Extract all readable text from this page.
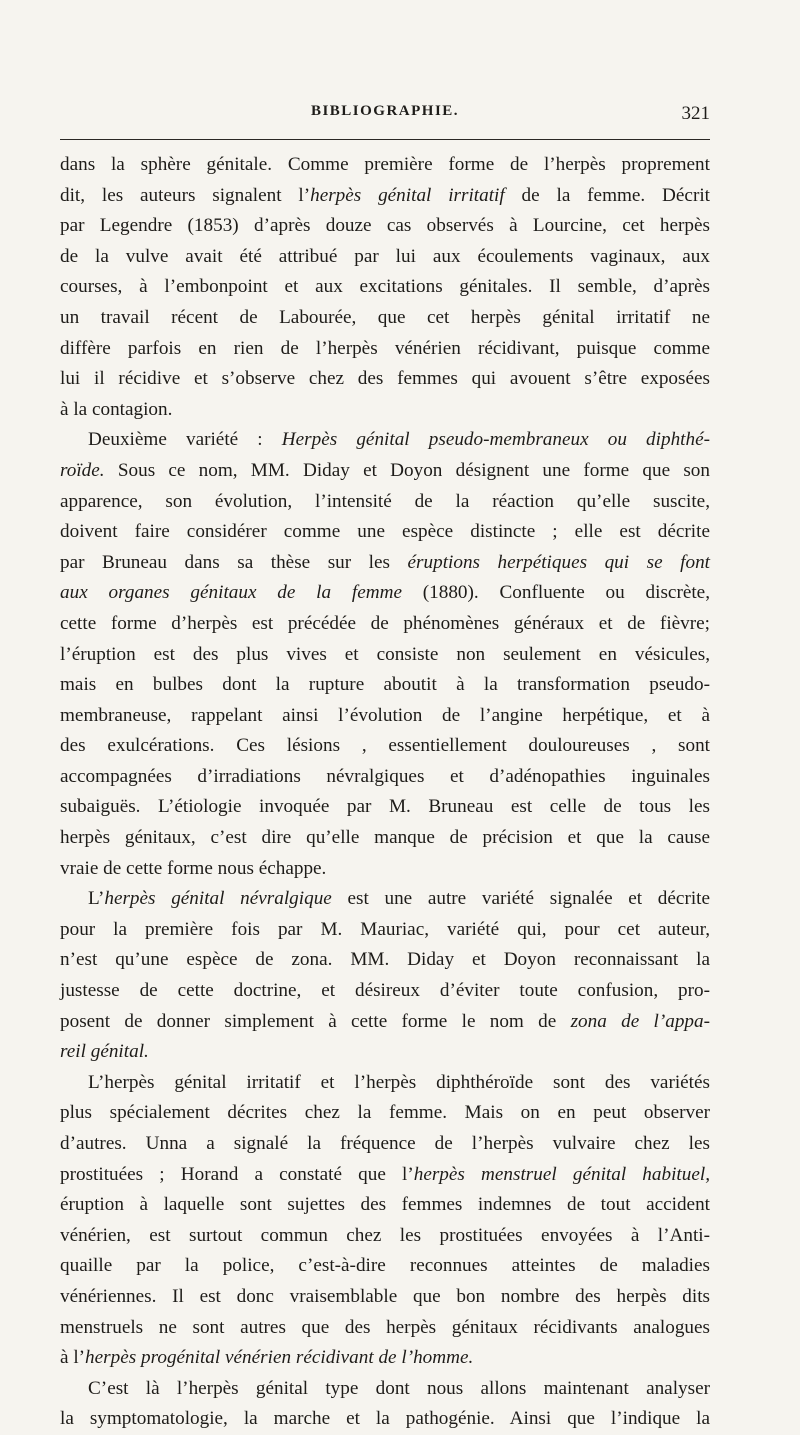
BIBLIOGRAPHIE.	321

dans la sphère génitale. Comme première forme de l’herpès proprement
dit, les auteurs signalent l’herpès génital irritatif de la femme. Décrit
par Legendre (1853) d’après douze cas observés à Lourcine, cet herpès
de la vulve avait été attribué par lui aux écoulements vaginaux, aux
courses, à l’embonpoint et aux excitations génitales. Il semble, d’après
un travail récent de Labourée, que cet herpès génital irritatif ne
diffère parfois en rien de l’herpès vénérien récidivant, puisque comme
lui il récidive et s’observe chez des femmes qui avouent s’être exposées
à la contagion.

Deuxième variété : Herpès génital pseudo-membraneux ou diphthé-
roïde. Sous ce nom, MM. Diday et Doyon désignent une forme que son
apparence, son évolution, l’intensité de la réaction qu’elle suscite,
doivent faire considérer comme une espèce distincte ; elle est décrite
par Bruneau dans sa thèse sur les éruptions herpétiques qui se font
aux organes génitaux de la femme (1880). Confluente ou discrète,
cette forme d’herpès est précédée de phénomènes généraux et de fièvre;
l’éruption est des plus vives et consiste non seulement en vésicules,
mais en bulbes dont la rupture aboutit à la transformation pseudo-
membraneuse, rappelant ainsi l’évolution de l’angine herpétique, et à
des exulcérations. Ces lésions , essentiellement douloureuses , sont
accompagnées d’irradiations névralgiques et d’adénopathies inguinales
subaiguës. L’étiologie invoquée par M. Bruneau est celle de tous les
herpès génitaux, c’est dire qu’elle manque de précision et que la cause
vraie de cette forme nous échappe.

L’herpès génital névralgique est une autre variété signalée et décrite
pour la première fois par M. Mauriac, variété qui, pour cet auteur,
n’est qu’une espèce de zona. MM. Diday et Doyon reconnaissant la
justesse de cette doctrine, et désireux d’éviter toute confusion, pro-
posent de donner simplement à cette forme le nom de zona de l’appa-
reil génital.

L’herpès génital irritatif et l’herpès diphthéroïde sont des variétés
plus spécialement décrites chez la femme. Mais on en peut observer
d’autres. Unna a signalé la fréquence de l’herpès vulvaire chez les
prostituées ; Horand a constaté que l’herpès menstruel génital habituel,
éruption à laquelle sont sujettes des femmes indemnes de tout accident
vénérien, est surtout commun chez les prostituées envoyées à l’Anti-
quaille par la police, c’est-à-dire reconnues atteintes de maladies
vénériennes. Il est donc vraisemblable que bon nombre des herpès dits
menstruels ne sont autres que des herpès génitaux récidivants analogues
à l’herpès progénital vénérien récidivant de l’homme.

C’est là l’herpès génital type dont nous allons maintenant analyser
la symptomatologie, la marche et la pathogénie. Ainsi que l’indique la
